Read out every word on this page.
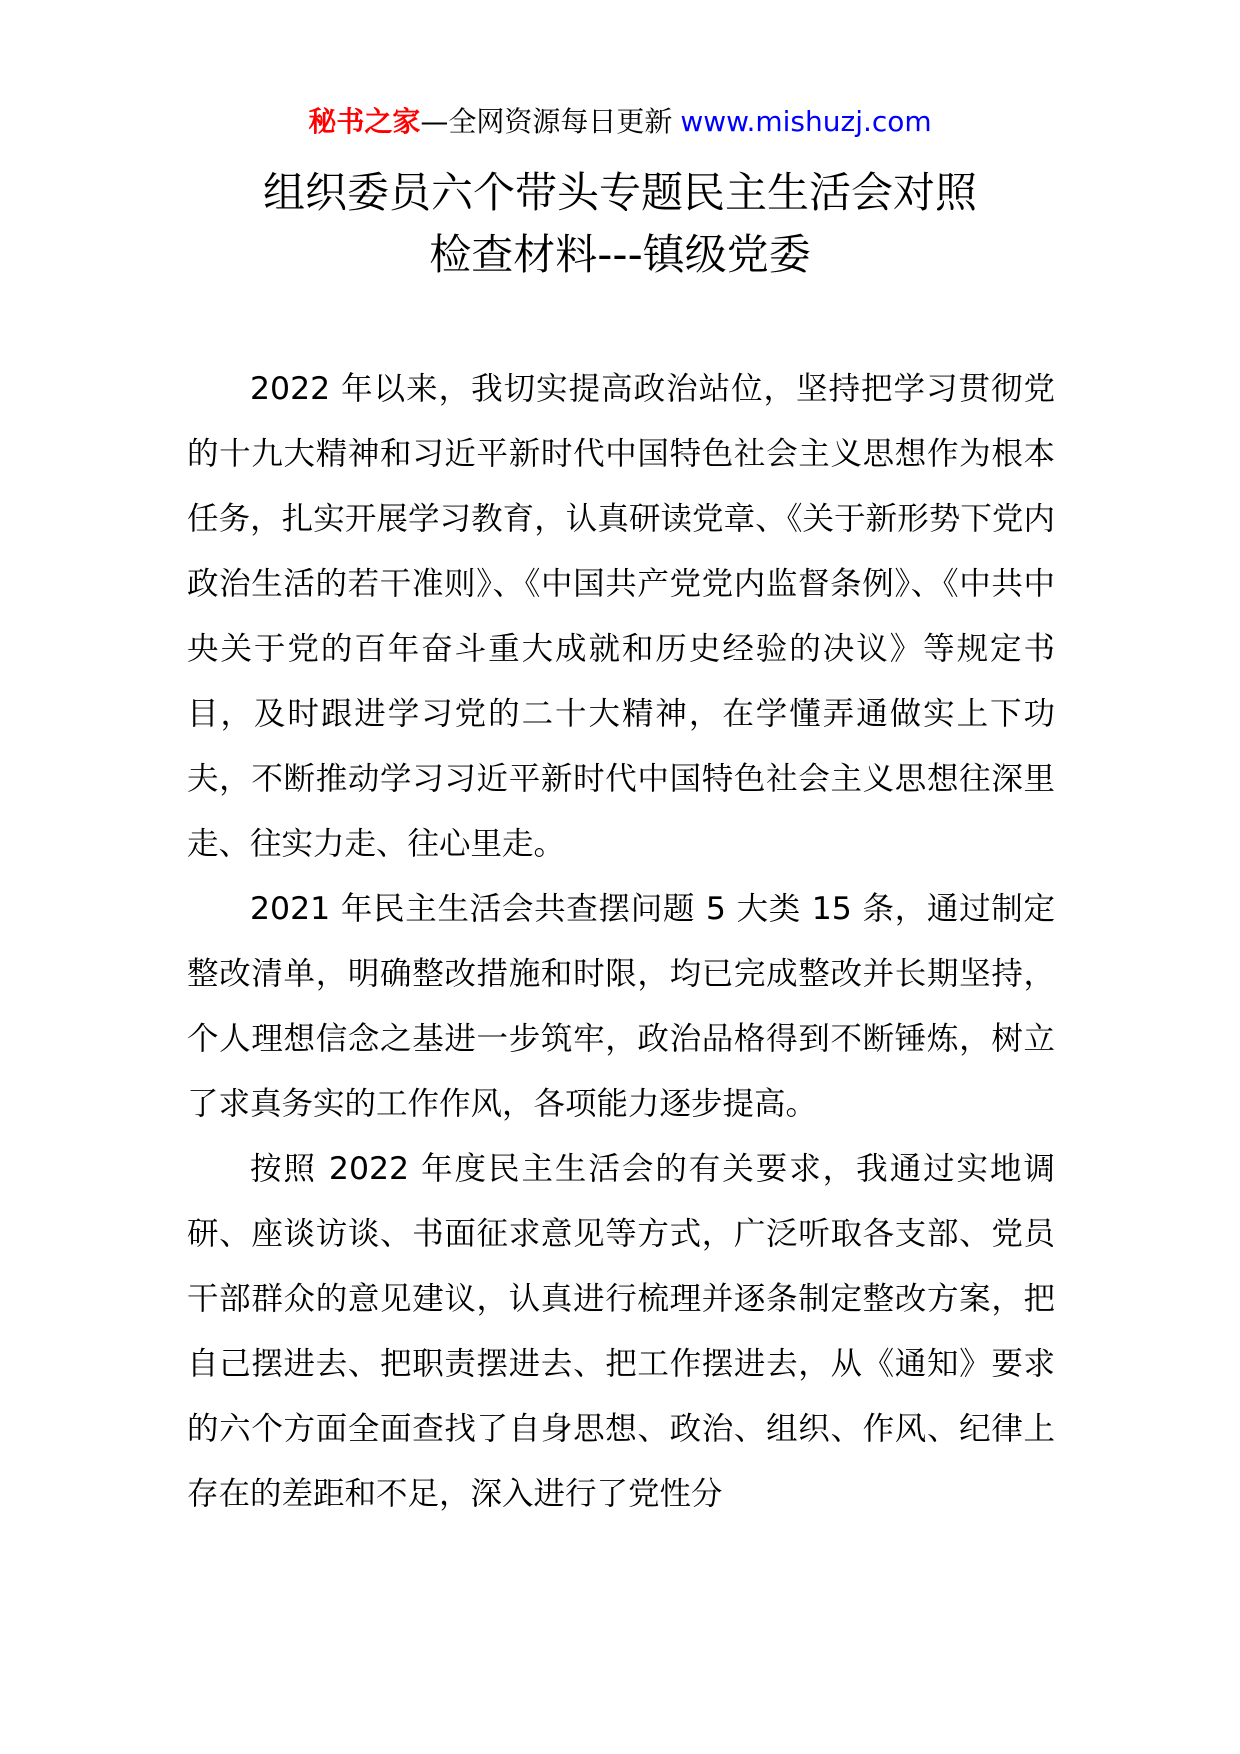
秘书之家—全网资源每日更新 www.mishuzj.com
组织委员六个带头专题民主生活会对照
检查材料---镇级党委

2022 年以来，我切实提高政治站位，坚持把学习贯彻党的十九大精神和习近平新时代中国特色社会主义思想作为根本任务，扎实开展学习教育，认真研读党章、《关于新形势下党内政治生活的若干准则》、《中国共产党党内监督条例》、《中共中央关于党的百年奋斗重大成就和历史经验的决议》等规定书目，及时跟进学习党的二十大精神，在学懂弄通做实上下功夫，不断推动学习习近平新时代中国特色社会主义思想往深里走、往实力走、往心里走。

2021 年民主生活会共查摆问题 5 大类 15 条，通过制定整改清单，明确整改措施和时限，均已完成整改并长期坚持，个人理想信念之基进一步筑牢，政治品格得到不断锤炼，树立了求真务实的工作作风，各项能力逐步提高。

按照 2022 年度民主生活会的有关要求，我通过实地调研、座谈访谈、书面征求意见等方式，广泛听取各支部、党员干部群众的意见建议，认真进行梳理并逐条制定整改方案，把自己摆进去、把职责摆进去、把工作摆进去，从《通知》要求的六个方面全面查找了自身思想、政治、组织、作风、纪律上存在的差距和不足，深入进行了党性分
